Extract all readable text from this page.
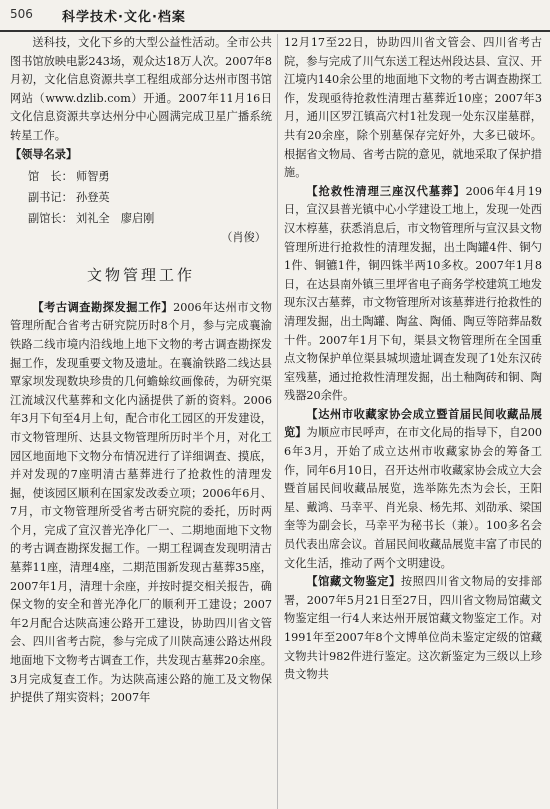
506 科学技术·文化·档案

送科技，文化下乡的大型公益性活动。全市公共图书馆放映电影243场，观众达18万人次。2007年8月初，文化信息资源共享工程组成部分达州市图书馆网站（www.dzlib.com）开通。2007年11月16日文化信息资源共享达州分中心圆满完成卫星广播系统转星工作。

【领导名录】
馆　长： 师智勇
副书记： 孙登英
副馆长： 刘礼全　廖启刚
（肖俊）
文物管理工作

【考古调查勘探发掘工作】2006年达州市文物管理所配合省考古研究院历时8个月，参与完成襄渝铁路二线市境内沿线地上地下文物的考古调查勘探发掘工作，发现重要文物及遗址。在襄渝铁路二线达县覃家坝发现数块珍贵的几何蟾蜍纹画像砖，为研究渠江流域汉代墓葬和文化内涵提供了新的资料。2006年3月下旬至4月上旬，配合市化工园区的开发建设，市文物管理所、达县文物管理所历时半个月，对化工园区地面地下文物分布情况进行了详细调查、摸底，并对发现的7座明清古墓葬进行了抢救性的清理发掘，使该园区顺利在国家发改委立项；2006年6月、7月，市文物管理所受省考古研究院的委托，历时两个月，完成了宣汉普光净化厂一、二期地面地下文物的考古调查勘探发掘工作。一期工程调查发现明清古墓葬11座，清理4座，二期范围新发现古墓葬35座，2007年1月，清理十余座，并按时提交相关报告，确保文物的安全和普光净化厂的顺利开工建设；2007年2月配合达陕高速公路开工建设，协助四川省文管会、四川省考古院，参与完成了川陕高速公路达州段地面地下文物考古调查工作，共发现古墓葬20余座。3月完成复查工作。为达陕高速公路的施工及文物保护提供了翔实资料；2007年

12月17至22日，协助四川省文管会、四川省考古院，参与完成了川气东送工程达州段达县、宣汉、开江境内140余公里的地面地下文物的考古调查勘探工作，发现亟待抢救性清理古墓葬近10座；2007年3月，通川区罗江镇高穴村1社发现一处东汉崖墓群，共有20余座，除个别墓保存完好外，大多已破坏。根据省文物局、省考古院的意见，就地采取了保护措施。

【抢救性清理三座汉代墓葬】2006年4月19日，宣汉县普光镇中心小学建设工地上，发现一处西汉木椁墓，获悉消息后，市文物管理所与宣汉县文物管理所进行抢救性的清理发掘，出土陶罐4件、铜勺1件、铜镳1件，铜四铢半两10多枚。2007年1月8日，在达县南外镇三里坪省电子商务学校建筑工地发现东汉古墓葬，市文物管理所对该墓葬进行抢救性的清理发掘，出土陶罐、陶盆、陶俑、陶豆等陪葬品数十件。2007年1月下旬，渠县文物管理所在全国重点文物保护单位渠县城坝遗址调查发现了1处东汉砖室残墓，通过抢救性清理发掘，出土釉陶砖和铜、陶残器20余件。

【达州市收藏家协会成立暨首届民间收藏品展览】为顺应市民呼声，在市文化局的指导下，自2006年3月，开始了成立达州市收藏家协会的筹备工作，同年6月10日，召开达州市收藏家协会成立大会暨首届民间收藏品展览，选举陈先杰为会长，王阳星、戴鸿、马幸平、肖光泉、杨先邦、刘劭承、梁国奎等为副会长，马幸平为秘书长（兼）。100多名会员代表出席会议。首届民间收藏品展览丰富了市民的文化生活，推动了两个文明建设。

【馆藏文物鉴定】按照四川省文物局的安排部署，2007年5月21日至27日，四川省文物局馆藏文物鉴定组一行4人来达州开展馆藏文物鉴定工作。对1991年至2007年8个文博单位尚未鉴定定级的馆藏文物共计982件进行鉴定。这次新鉴定为三级以上珍贵文物共
